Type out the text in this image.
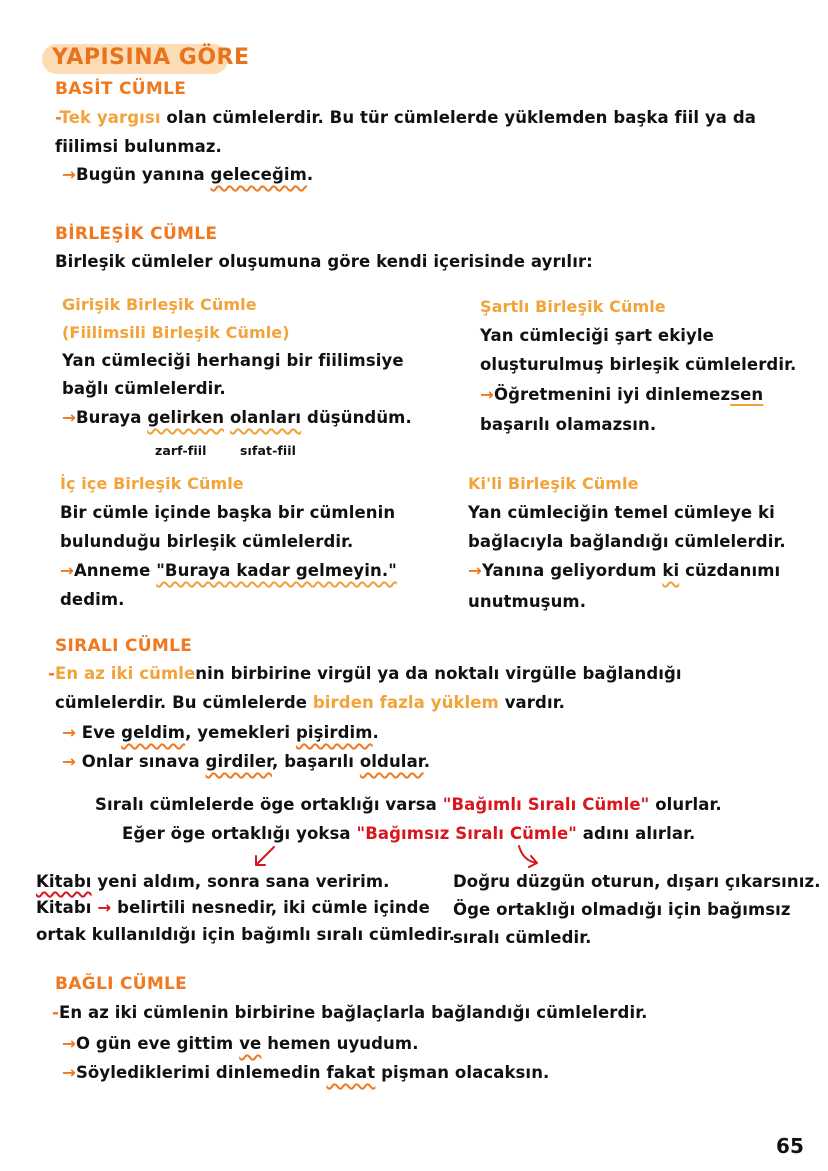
YAPISINA GÖRE
BASİT CÜMLE
-Tek yargısı olan cümlelerdir. Bu tür cümlelerde yüklemden başka fiil ya da
fiilimsi bulunmaz.
→Bugün yanına geleceğim.
BİRLEŞİK CÜMLE
Birleşik cümleler oluşumuna göre kendi içerisinde ayrılır:
Girişik Birleşik Cümle
(Fiilimsili Birleşik Cümle)
Yan cümleciği herhangi bir fiilimsiye
bağlı cümlelerdir.
→Buraya gelirken olanları düşündüm.
zarf-fiil	sıfat-fiil
Şartlı Birleşik Cümle
Yan cümleciği şart ekiyle
oluşturulmuş birleşik cümlelerdir.
→Öğretmenini iyi dinlemezsen
başarılı olamazsın.
İç içe Birleşik Cümle
Bir cümle içinde başka bir cümlenin
bulunduğu birleşik cümlelerdir.
→Anneme "Buraya kadar gelmeyin."
dedim.
Ki'li Birleşik Cümle
Yan cümleciğin temel cümleye ki
bağlacıyla bağlandığı cümlelerdir.
→Yanına geliyordum ki cüzdanımı
unutmuşum.
SIRALI CÜMLE
-En az iki cümlenin birbirine virgül ya da noktalı virgülle bağlandığı
cümlelerdir. Bu cümlelerde birden fazla yüklem vardır.
→ Eve geldim, yemekleri pişirdim.
→ Onlar sınava girdiler, başarılı oldular.
Sıralı cümlelerde öge ortaklığı varsa "Bağımlı Sıralı Cümle" olurlar.
Eğer öge ortaklığı yoksa "Bağımsız Sıralı Cümle" adını alırlar.
Kitabı yeni aldım, sonra sana veririm.
Kitabı → belirtili nesnedir, iki cümle içinde
ortak kullanıldığı için bağımlı sıralı cümledir.
Doğru düzgün oturun, dışarı çıkarsınız.
Öge ortaklığı olmadığı için bağımsız
sıralı cümledir.
BAĞLI CÜMLE
-En az iki cümlenin birbirine bağlaçlarla bağlandığı cümlelerdir.
→O gün eve gittim ve hemen uyudum.
→Söylediklerimi dinlemedin fakat pişman olacaksın.
65
